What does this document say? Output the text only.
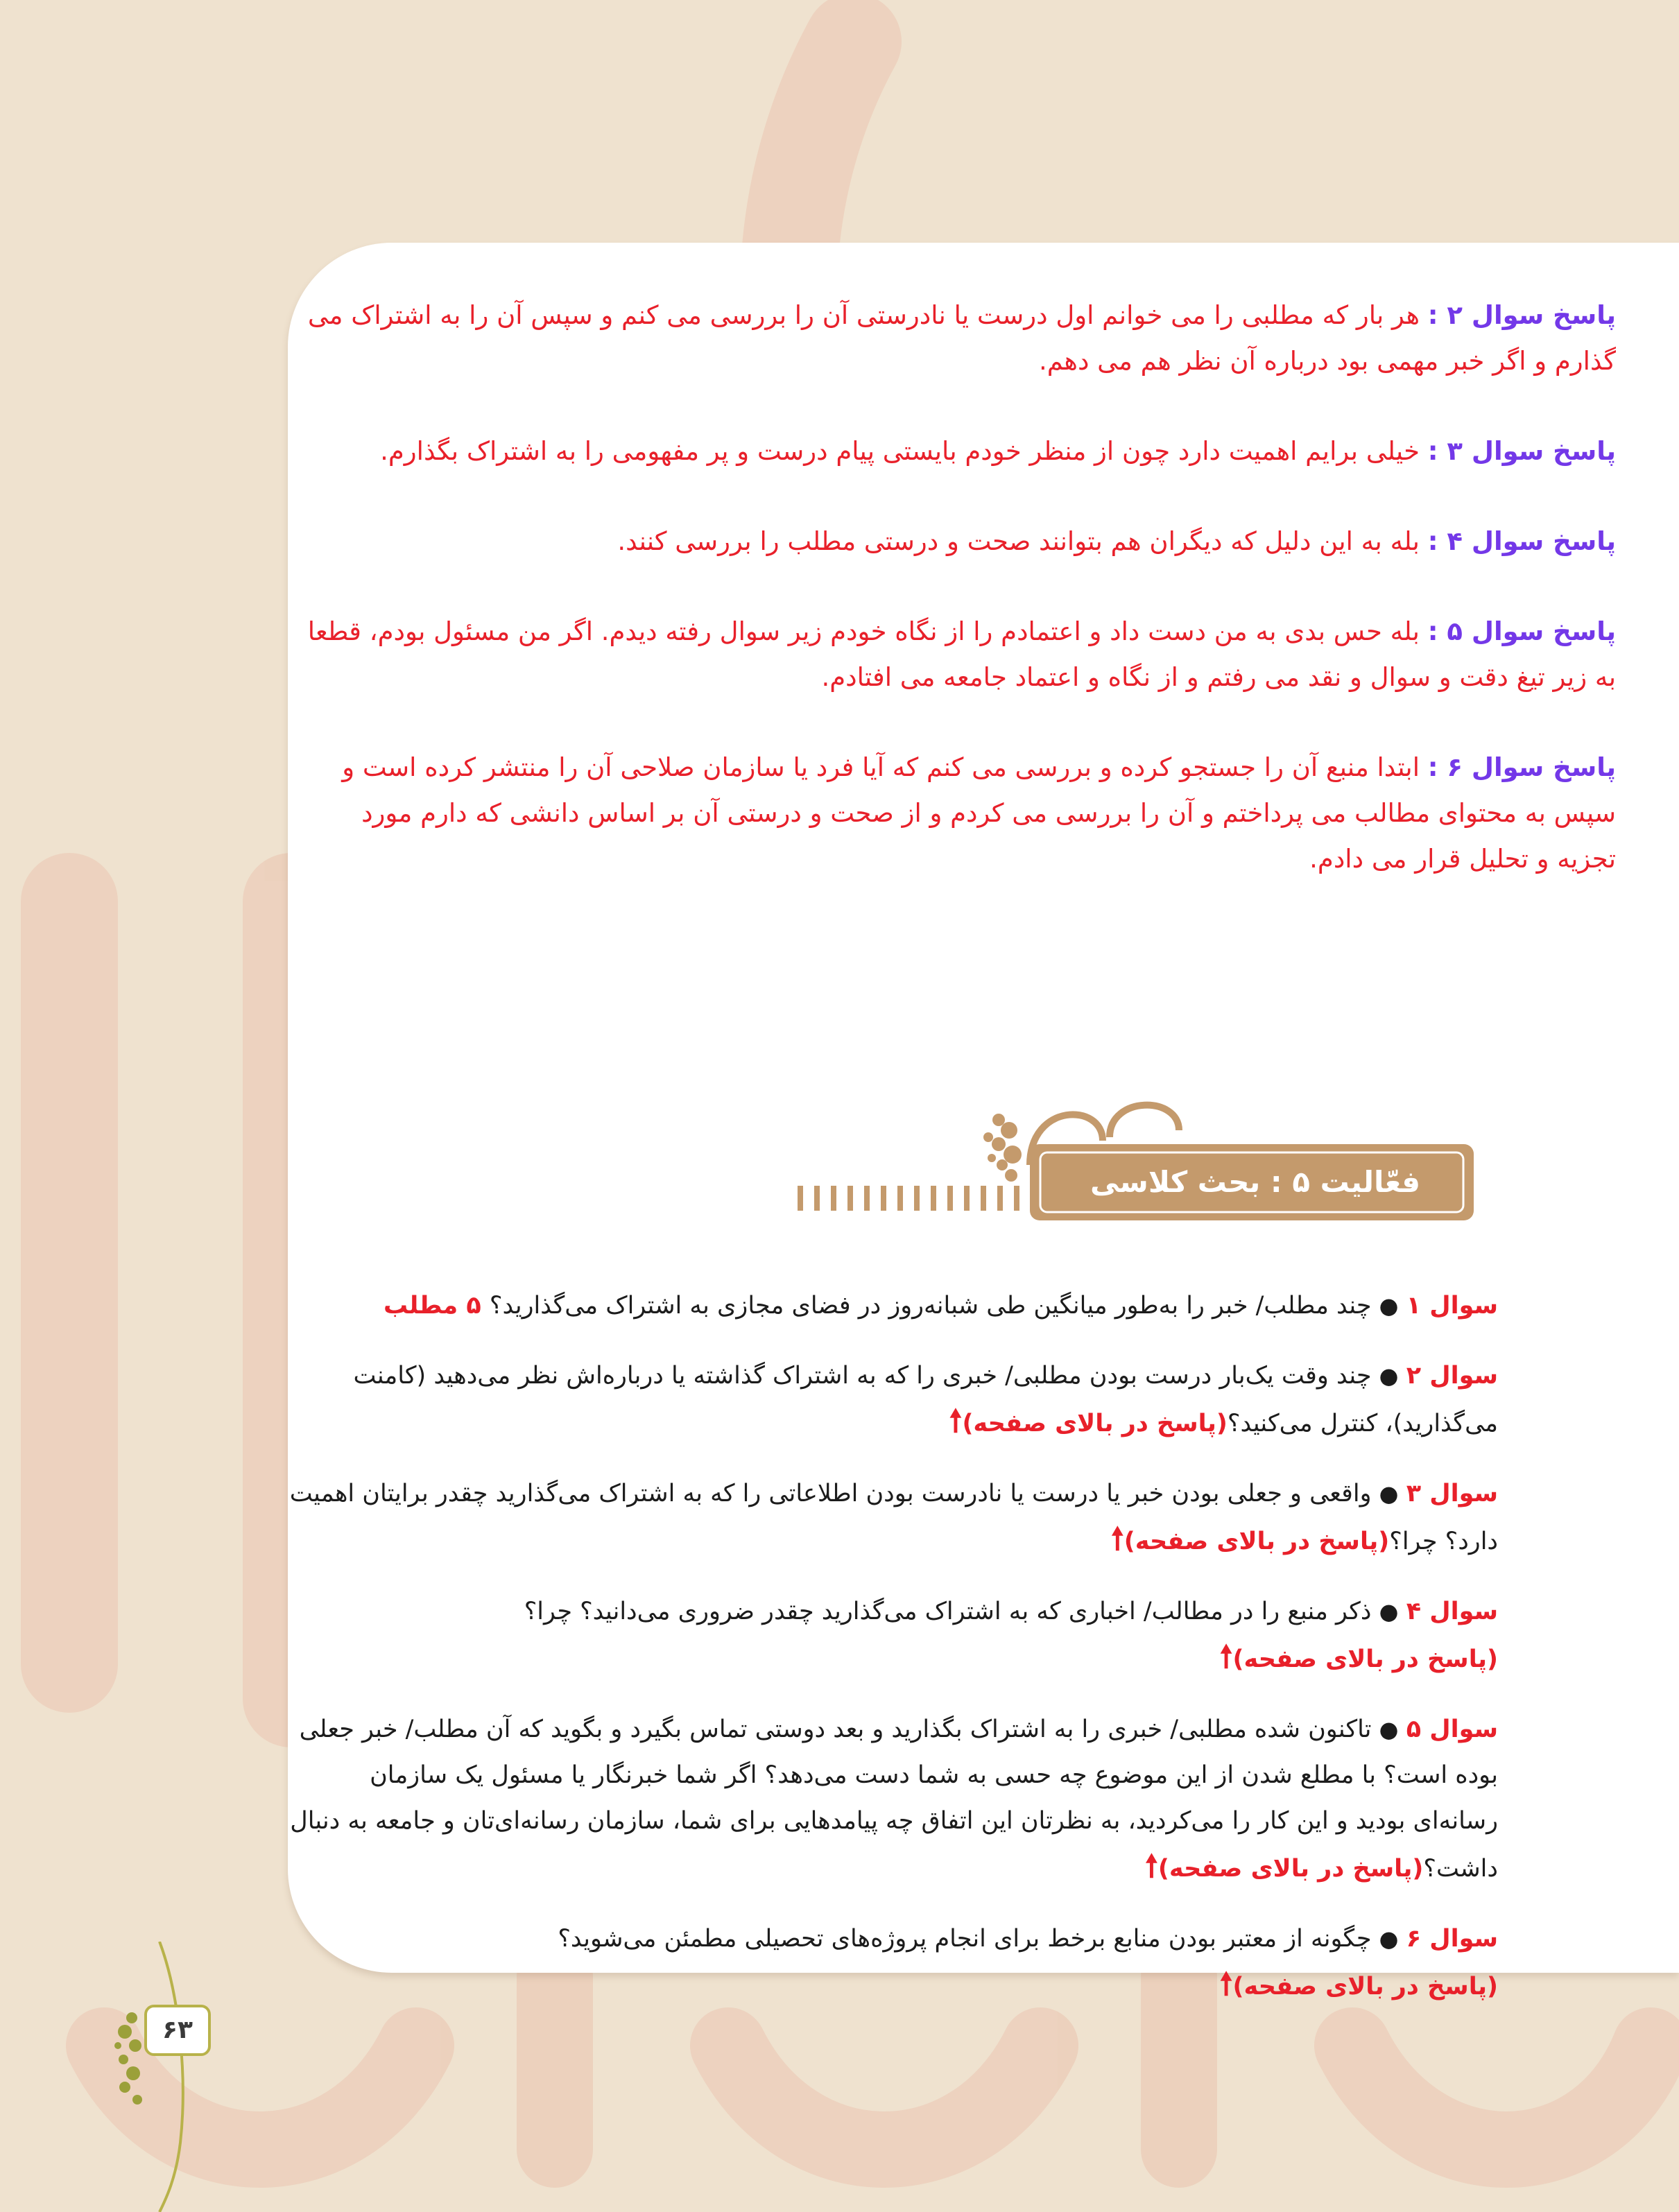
پاسخ سوال ۲ : هر بار که مطلبی را می خوانم اول درست یا نادرستی آن را بررسی می کنم و سپس آن را به اشتراک می گذارم و اگر خبر مهمی بود درباره آن نظر هم می دهم.

پاسخ سوال ۳ : خیلی برایم اهمیت دارد چون از منظر خودم بایستی پیام درست و پر مفهومی را به اشتراک بگذارم.

پاسخ سوال ۴ : بله به این دلیل که دیگران هم بتوانند صحت و درستی مطلب را بررسی کنند.

پاسخ سوال ۵ : بله حس بدی به من دست داد و اعتمادم را از نگاه خودم زیر سوال رفته دیدم. اگر من مسئول بودم، قطعا به زیر تیغ دقت و سوال و نقد می رفتم و از نگاه و اعتماد جامعه می افتادم.

پاسخ سوال ۶ : ابتدا منبع آن را جستجو کرده و بررسی می کنم که آیا فرد یا سازمان صلاحی آن را منتشر کرده است و سپس به محتوای مطالب می پرداختم و آن را بررسی می کردم و از صحت و درستی آن بر اساس دانشی که دارم مورد تجزیه و تحلیل قرار می دادم.

فعّالیت ۵ : بحث کلاسی

سوال ۱ ● چند مطلب/ خبر را به‌طور میانگین طی شبانه‌روز در فضای مجازی به اشتراک می‌گذارید؟ ۵ مطلب

سوال ۲ ● چند وقت یک‌بار درست بودن مطلبی/ خبری را که به اشتراک گذاشته یا درباره‌اش نظر می‌دهید (کامنت می‌گذارید)، کنترل می‌کنید؟(پاسخ در بالای صفحه)🠕

سوال ۳ ● واقعی و جعلی بودن خبر یا درست یا نادرست بودن اطلاعاتی را که به اشتراک می‌گذارید چقدر برایتان اهمیت دارد؟ چرا؟(پاسخ در بالای صفحه)🠕

سوال ۴ ● ذکر منبع را در مطالب/ اخباری که به اشتراک می‌گذارید چقدر ضروری می‌دانید؟ چرا؟(پاسخ در بالای صفحه)🠕

سوال ۵ ● تاکنون شده مطلبی/ خبری را به اشتراک بگذارید و بعد دوستی تماس بگیرد و بگوید که آن مطلب/ خبر جعلی بوده است؟ با مطلع شدن از این موضوع چه حسی به شما دست می‌دهد؟ اگر شما خبرنگار یا مسئول یک سازمان رسانه‌ای بودید و این کار را می‌کردید، به نظرتان این اتفاق چه پیامدهایی برای شما، سازمان رسانه‌ای‌تان و جامعه به دنبال داشت؟(پاسخ در بالای صفحه)🠕

سوال ۶ ● چگونه از معتبر بودن منابع برخط برای انجام پروژه‌های تحصیلی مطمئن می‌شوید؟(پاسخ در بالای صفحه)🠕

۶۳
